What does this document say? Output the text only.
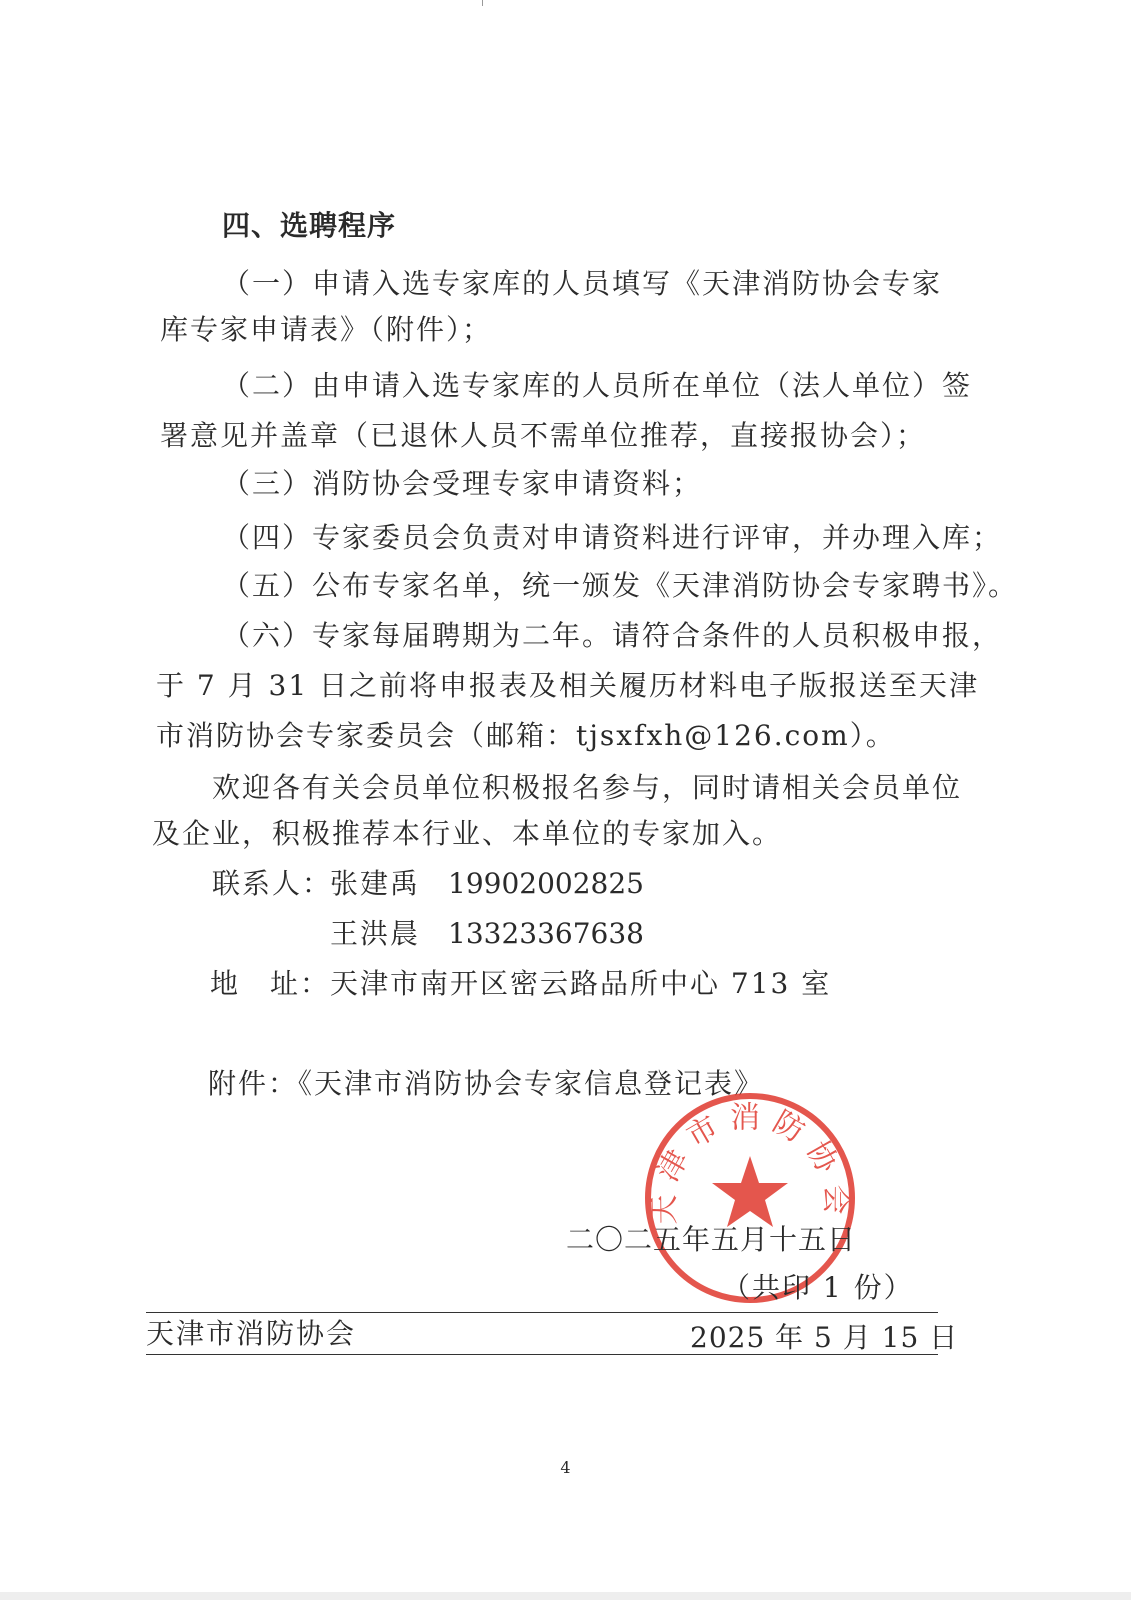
四、选聘程序
（一）申请入选专家库的人员填写《天津消防协会专家
库专家申请表》（附件）；
（二）由申请入选专家库的人员所在单位（法人单位）签
署意见并盖章（已退休人员不需单位推荐，直接报协会）；
（三）消防协会受理专家申请资料；
（四）专家委员会负责对申请资料进行评审，并办理入库；
（五）公布专家名单，统一颁发《天津消防协会专家聘书》。
（六）专家每届聘期为二年。请符合条件的人员积极申报，
于 7 月 31 日之前将申报表及相关履历材料电子版报送至天津
市消防协会专家委员会（邮箱：tjsxfxh@126.com）。
欢迎各有关会员单位积极报名参与，同时请相关会员单位
及企业，积极推荐本行业、本单位的专家加入。
联系人：
张建禹 19902002825
王洪晨 13323367638
地　址： 天津市南开区密云路品所中心 713 室
附件：《天津市消防协会专家信息登记表》
天津市消防协会
二〇二五年五月十五日
（共印 1 份）
天津市消防协会	2025 年 5 月 15 日
4
